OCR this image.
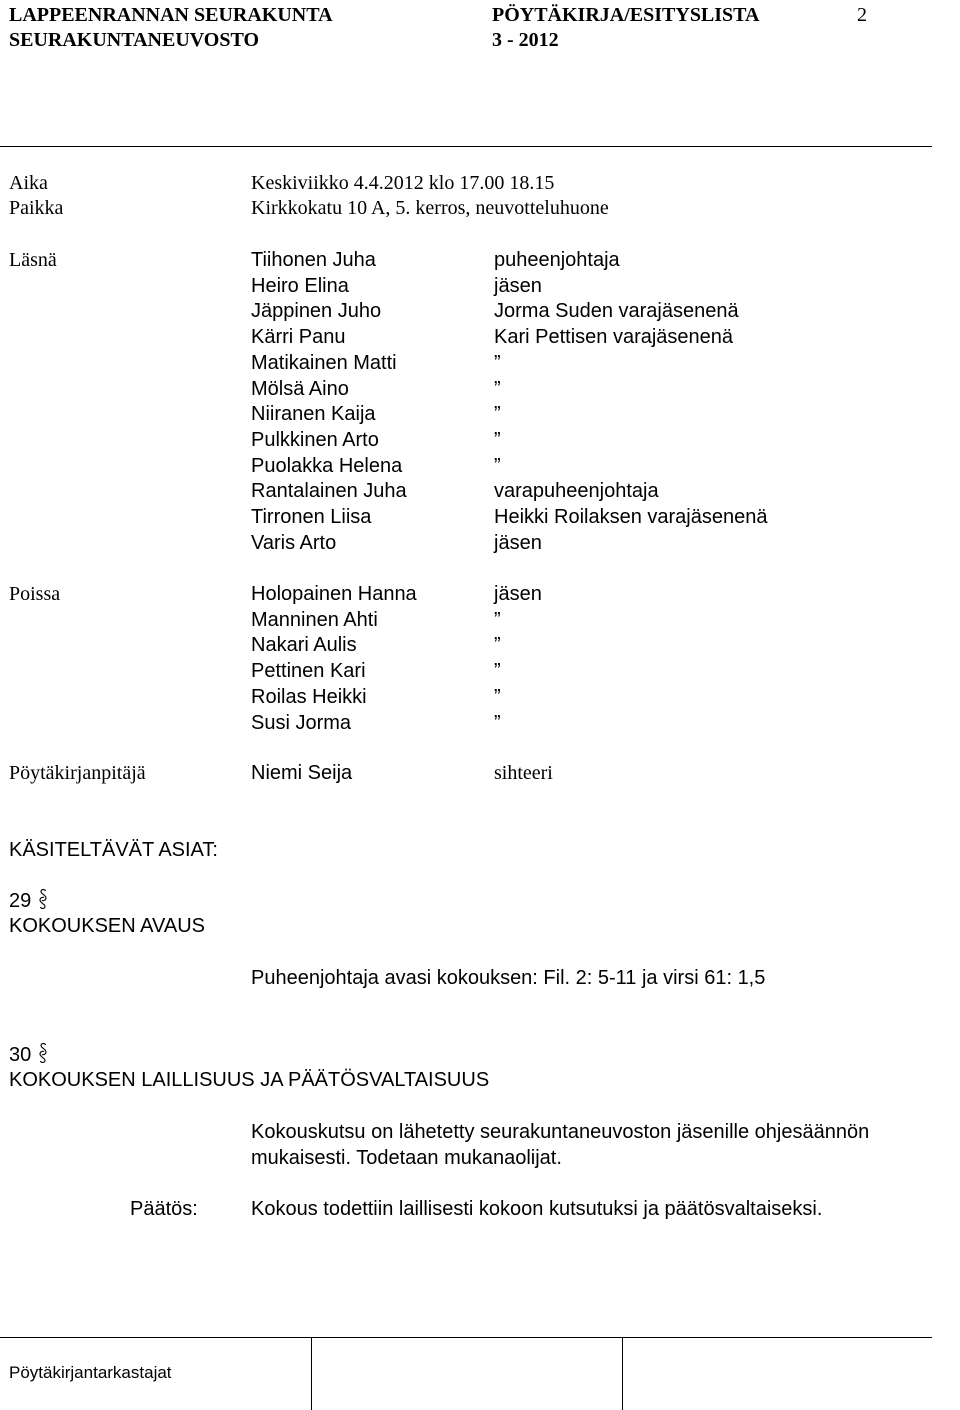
LAPPEENRANNAN SEURAKUNTA
SEURAKUNTANEUVOSTO
PÖYTÄKIRJA/ESITYSLISTA
3 - 2012
2
Aika	Keskiviikko 4.4.2012 klo 17.00 18.15
Paikka	Kirkkokatu 10 A, 5. kerros, neuvotteluhuone
Läsnä	Tiihonen Juha	puheenjohtaja
Heiro Elina	jäsen
Jäppinen Juho	Jorma Suden varajäsenenä
Kärri Panu	Kari Pettisen varajäsenenä
Matikainen Matti	”
Mölsä Aino	”
Niiranen Kaija	”
Pulkkinen Arto	”
Puolakka Helena	”
Rantalainen Juha	varapuheenjohtaja
Tirronen Liisa	Heikki Roilaksen varajäsenenä
Varis Arto	jäsen
Poissa	Holopainen Hanna	jäsen
Manninen Ahti	”
Nakari Aulis	”
Pettinen Kari	”
Roilas Heikki	”
Susi Jorma	”
Pöytäkirjanpitäjä	Niemi Seija	sihteeri
KÄSITELTÄVÄT ASIAT:
29
KOKOUKSEN AVAUS
Puheenjohtaja avasi kokouksen: Fil. 2: 5-11 ja virsi 61: 1,5
30
KOKOUKSEN LAILLISUUS JA PÄÄTÖSVALTAISUUS
Kokouskutsu on lähetetty seurakuntaneuvoston jäsenille ohjesäännön
mukaisesti. Todetaan mukanaolijat.
Päätös:	Kokous todettiin laillisesti kokoon kutsutuksi ja päätösvaltaiseksi.
Pöytäkirjantarkastajat
